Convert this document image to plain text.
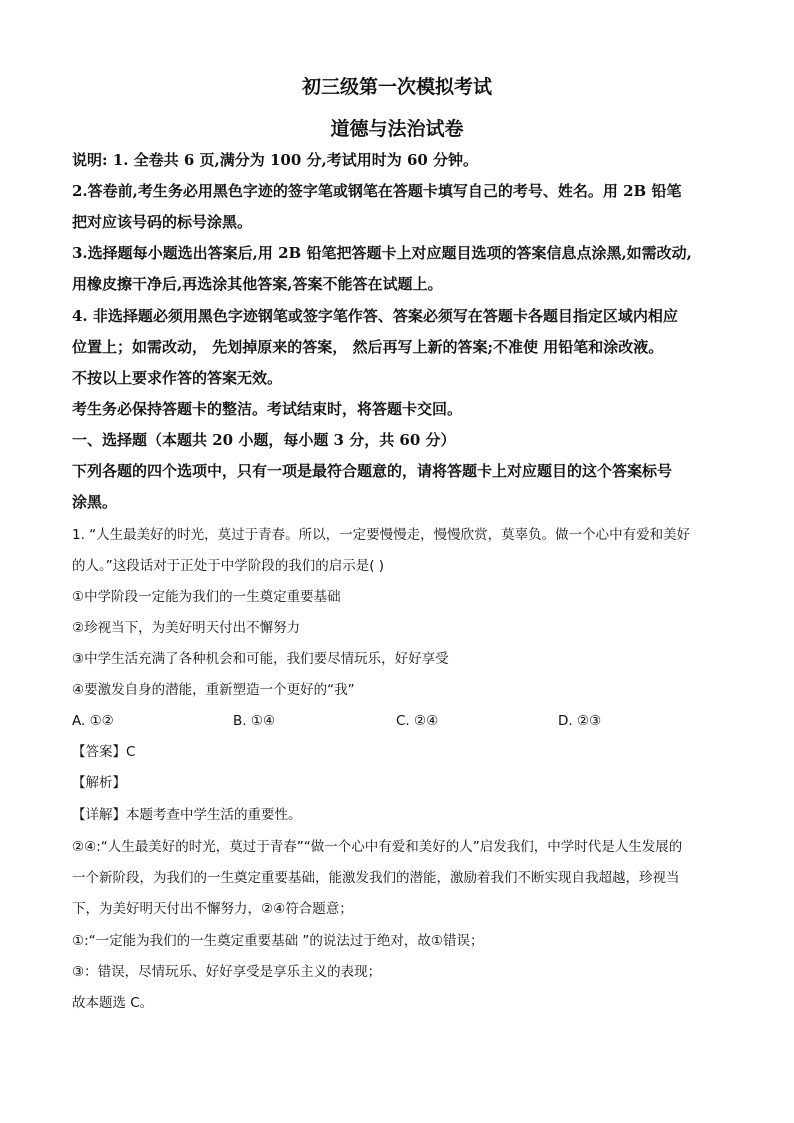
初三级第一次模拟考试
道德与法治试卷
说明: 1. 全卷共 6 页,满分为 100 分,考试用时为 60 分钟。
2.答卷前,考生务必用黑色字迹的签字笔或钢笔在答题卡填写自己的考号、姓名。用 2B 铅笔
把对应该号码的标号涂黑。
3.选择题每小题选出答案后,用 2B 铅笔把答题卡上对应题目选项的答案信息点涂黑,如需改动,
用橡皮擦干净后,再选涂其他答案,答案不能答在试题上。
4. 非选择题必须用黑色字迹钢笔或签字笔作答、答案必须写在答题卡各题目指定区域内相应
位置上；如需改动， 先划掉原来的答案， 然后再写上新的答案;不准使 用铅笔和涂改液。
不按以上要求作答的答案无效。
考生务必保持答题卡的整洁。考试结束时，将答题卡交回。
一、选择题（本题共 20 小题，每小题 3 分，共 60 分）
下列各题的四个选项中，只有一项是最符合题意的，请将答题卡上对应题目的这个答案标号
涂黑。
1. “人生最美好的时光，莫过于青春。所以，一定要慢慢走，慢慢欣赏，莫辜负。做一个心中有爱和美好
的人。”这段话对于正处于中学阶段的我们的启示是( )
①中学阶段一定能为我们的一生奠定重要基础
②珍视当下，为美好明天付出不懈努力
③中学生活充满了各种机会和可能，我们要尽情玩乐，好好享受
④要激发自身的潜能，重新塑造一个更好的“我”
A. ①②	B. ①④	C. ②④	D. ②③
【答案】C
【解析】
【详解】本题考查中学生活的重要性。
②④:“人生最美好的时光，莫过于青春”“做一个心中有爱和美好的人”启发我们，中学时代是人生发展的
一个新阶段，为我们的一生奠定重要基础，能激发我们的潜能，激励着我们不断实现自我超越，珍视当
下，为美好明天付出不懈努力，②④符合题意；
①:“一定能为我们的一生奠定重要基础 ”的说法过于绝对，故①错误；
③：错误，尽情玩乐、好好享受是享乐主义的表现；
故本题选 C。
